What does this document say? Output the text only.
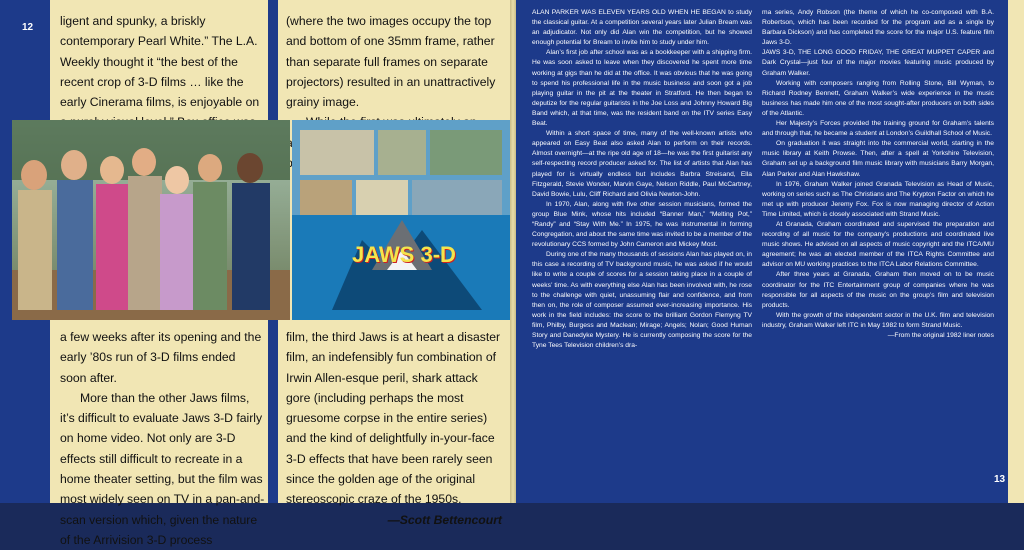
12 ligent and spunky, a briskly contemporary Pearl White.” The L.A. Weekly thought it “the best of the recent crop of 3-D films … like the early Cinerama films, is enjoyable on

(where the two images occupy the top and bottom of one 35mm frame, rather than separate full frames on separate projectors) resulted in an unattractively grainy image.

JAWS 3-D

a few weeks after its opening and the early ’80s run of 3-D films ended soon after.

More than the other Jaws films, it’s difficult to evaluate Jaws 3-D fairly on home video. Not only are 3-D effects still difficult to recreate in a home theater setting, but the film was most widely seen on TV in a pan-and-scan version which, given the nature of the Arrivision 3-D process

film, the third Jaws is at heart a disaster film, an indefensibly fun combination of Irwin Allen-esque peril, shark attack gore (including perhaps the most gruesome corpse in the entire series) and the kind of delightfully in-your-face 3-D effects that have been rarely seen since the golden age of the original stereoscopic craze of the 1950s.

—Scott Bettencourt

13

ALAN PARKER WAS ELEVEN YEARS OLD WHEN HE BEGAN to study the classical guitar. At a competition several years later Julian Bream was an adjudicator. Not only did Alan win the competition, but he showed enough potential for Bream to invite him to study under him.

Alan’s first job after school was as a bookkeeper with a shipping firm. He was soon asked to leave when they discovered he spent more time working at gigs than he did at the office. It was obvious that he was going to spend his professional life in the music business and soon got a job playing guitar in the pit at the theater in Stratford. He then began to deputize for the regular guitarists in the Joe Loss and Johnny Howard Big Band which, at that time, was the resident band on the ITV series Easy Beat.

Within a short space of time, many of the well-known artists who appeared on Easy Beat also asked Alan to perform on their records. Almost overnight—at the ripe old age of 18—he was the first guitarist any self-respecting record producer asked for. The list of artists that Alan has played for is virtually endless but includes Barbra Streisand, Ella Fitzgerald, Stevie Wonder, Marvin Gaye, Nelson Riddle, Paul McCartney, David Bowie, Lulu, Cliff Richard and Olivia Newton-John.

In 1970, Alan, along with five other session musicians, formed the group Blue Mink, whose hits included “Banner Man,” “Melting Pot,” “Randy” and “Stay With Me.” In 1975, he was instrumental in forming Congregation, and about the same time was invited to be a member of the revolutionary CCS formed by John Cameron and Mickey Most.

During one of the many thousands of sessions Alan has played on, in this case a recording of TV background music, he was asked if he would like to write a couple of scores for a session taking place in a couple of weeks’ time. As with everything else Alan has been involved with, he rose to the challenge with quiet, unassuming flair and confidence, and from then on, the role of composer assumed ever-increasing importance. His work in the field includes: the score to the brilliant Gordon Flemyng TV film, Philby, Burgess and Maclean; Mirage; Angels; Nolan; Good Human Story and Danedyke Mystery. He is currently composing the score for the Tyne Tees Television children’s dra-

ma series, Andy Robson (the theme of which he co-composed with B.A. Robertson, which has been recorded for the program and as a single by Barbara Dickson) and has completed the score for the major U.S. feature film Jaws 3-D.

JAWS 3-D, THE LONG GOOD FRIDAY, THE GREAT MUPPET CAPER and Dark Crystal—just four of the major movies featuring music produced by Graham Walker.

Working with composers ranging from Rolling Stone, Bill Wyman, to Richard Rodney Bennett, Graham Walker’s wide experience in the music business has made him one of the most sought-after producers on both sides of the Atlantic.

Her Majesty’s Forces provided the training ground for Graham’s talents and through that, he became a student at London’s Guildhall School of Music.

On graduation it was straight into the commercial world, starting in the music library at Keith Prowse. Then, after a spell at Yorkshire Television, Graham set up a background film music library with musicians Barry Morgan, Alan Parker and Alan Hawkshaw.

In 1976, Graham Walker joined Granada Television as Head of Music, working on series such as The Christians and The Krypton Factor on which he met up with producer Jeremy Fox. Fox is now managing director of Action Time Limited, which is closely associated with Strand Music.

At Granada, Graham coordinated and supervised the preparation and recording of all music for the company’s productions and coordinated live music shows. He advised on all aspects of music copyright and the ITCA/MU agreement; he was an elected member of the ITCA Rights Committee and advisor on MU working practices to the ITCA Labor Relations Committee.

After three years at Granada, Graham then moved on to be music coordinator for the ITC Entertainment group of companies where he was responsible for all aspects of the music on the group’s film and television products.

With the growth of the independent sector in the U.K. film and television industry, Graham Walker left ITC in May 1982 to form Strand Music.

—From the original 1982 liner notes
